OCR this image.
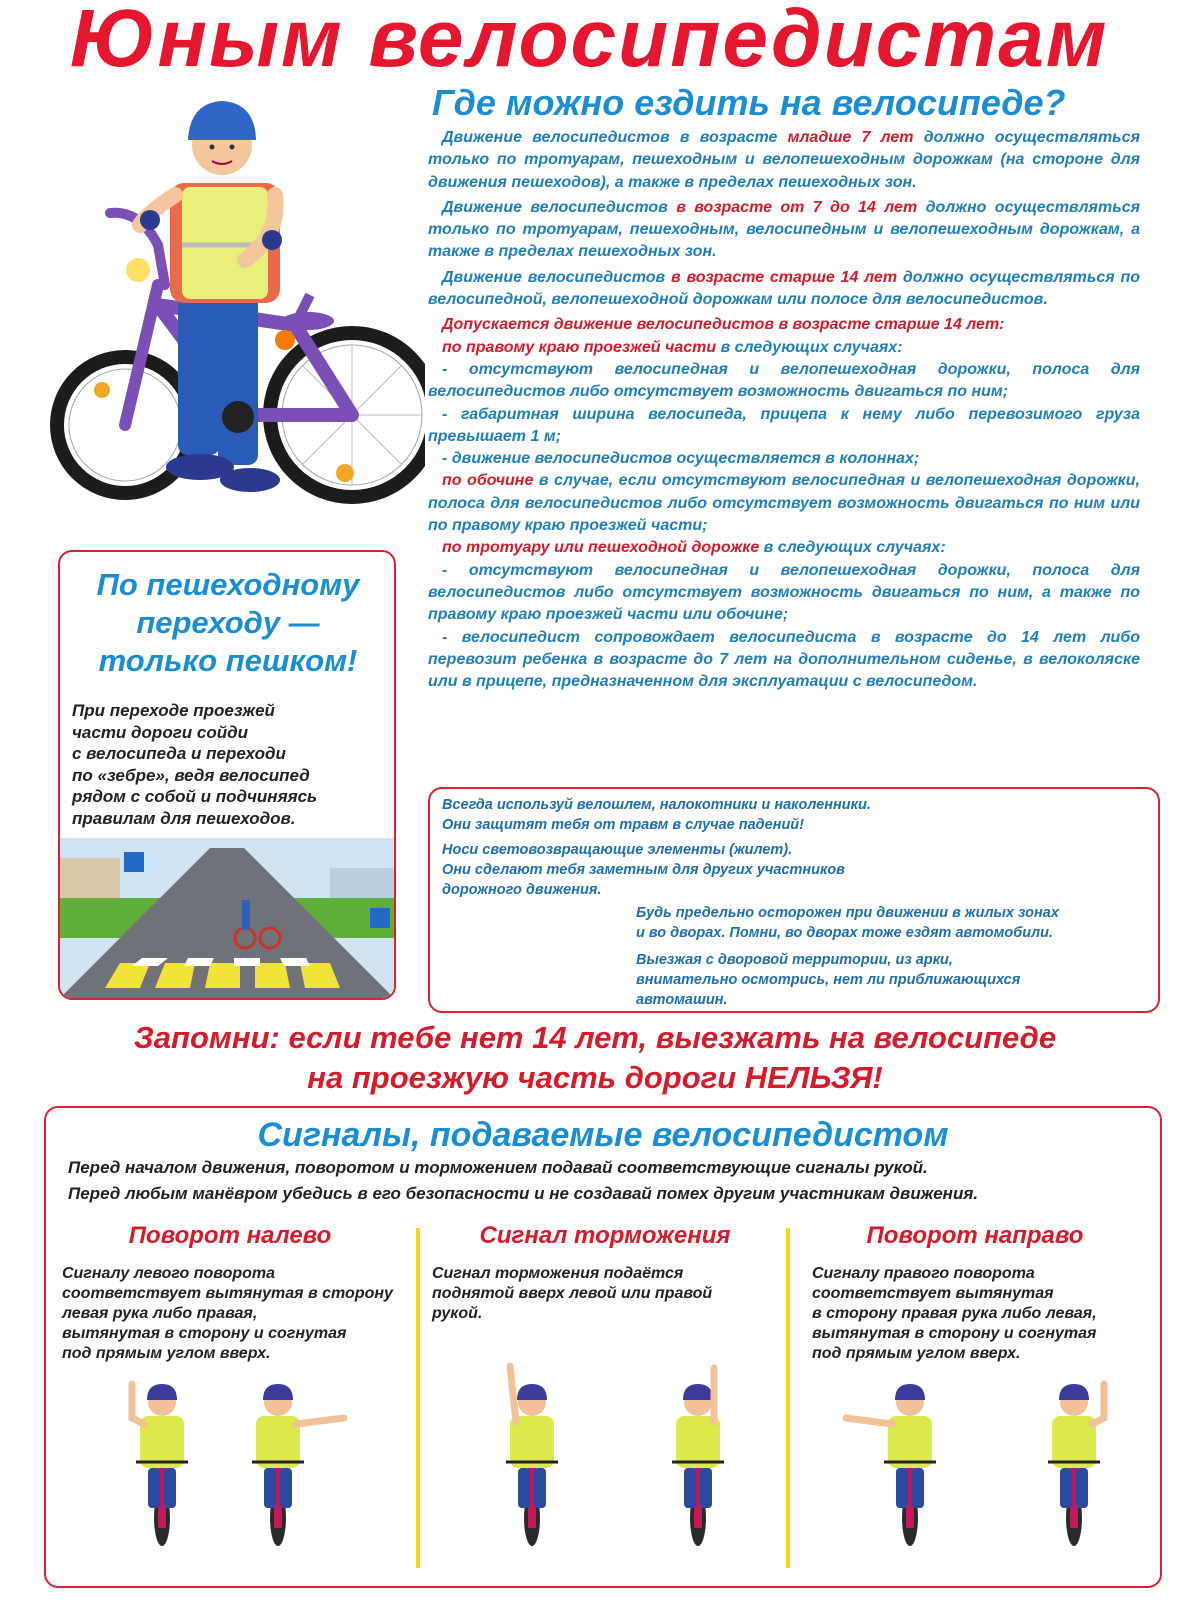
Юным велосипедистам
Где можно ездить на велосипеде?

Движение велосипедистов в возрасте младше 7 лет должно осуществляться только по тротуарам, пешеходным и велопешеходным дорожкам (на стороне для движения пешеходов), а также в пределах пешеходных зон.

Движение велосипедистов в возрасте от 7 до 14 лет должно осуществляться только по тротуарам, пешеходным, велосипедным и велопешеходным дорожкам, а также в пределах пешеходных зон.

Движение велосипедистов в возрасте старше 14 лет должно осуществляться по велосипедной, велопешеходной дорожкам или полосе для велосипедистов.

Допускается движение велосипедистов в возрасте старше 14 лет:

по правому краю проезжей части в следующих случаях:

- отсутствуют велосипедная и велопешеходная дорожки, полоса для велосипедистов либо отсутствует возможность двигаться по ним;

- габаритная ширина велосипеда, прицепа к нему либо перевозимого груза превышает 1 м;

- движение велосипедистов осуществляется в колоннах;

по обочине в случае, если отсутствуют велосипедная и велопешеходная дорожки, полоса для велосипедистов либо отсутствует возможность двигаться по ним или по правому краю проезжей части;

по тротуару или пешеходной дорожке в следующих случаях:

- отсутствуют велосипедная и велопешеходная дорожки, полоса для велосипедистов либо отсутствует возможность двигаться по ним, а также по правому краю проезжей части или обочине;

- велосипедист сопровождает велосипедиста в возрасте до 14 лет либо перевозит ребенка в возрасте до 7 лет на дополнительном сиденье, в велоколяске или в прицепе, предназначенном для эксплуатации с велосипедом.

По пешеходному
переходу —
только пешком!
При переходе проезжей
части дороги сойди
с велосипеда и переходи
по «зебре», ведя велосипед
рядом с собой и подчиняясь
правилам для пешеходов.
Всегда используй велошлем, налокотники и наколенники.
Они защитят тебя от травм в случае падений!
Носи световозвращающие элементы (жилет).
Они сделают тебя заметным для других участников
дорожного движения.
Будь предельно осторожен при движении в жилых зонах
и во дворах. Помни, во дворах тоже ездят автомобили.
Выезжая с дворовой территории, из арки,
внимательно осмотрись, нет ли приближающихся
автомашин.
Запомни: если тебе нет 14 лет, выезжать на велосипеде
на проезжую часть дороги НЕЛЬЗЯ!
Сигналы, подаваемые велосипедистом
Перед началом движения, поворотом и торможением подавай соответствующие сигналы рукой.
Перед любым манёвром убедись в его безопасности и не создавай помех другим участникам движения.
Поворот налево
Сигналу левого поворота
соответствует вытянутая в сторону
левая рука либо правая,
вытянутая в сторону и согнутая
под прямым углом вверх.
Сигнал торможения
Сигнал торможения подаётся
поднятой вверх левой или правой
рукой.
Поворот направо
Сигналу правого поворота
соответствует вытянутая
в сторону правая рука либо левая,
вытянутая в сторону и согнутая
под прямым углом вверх.
